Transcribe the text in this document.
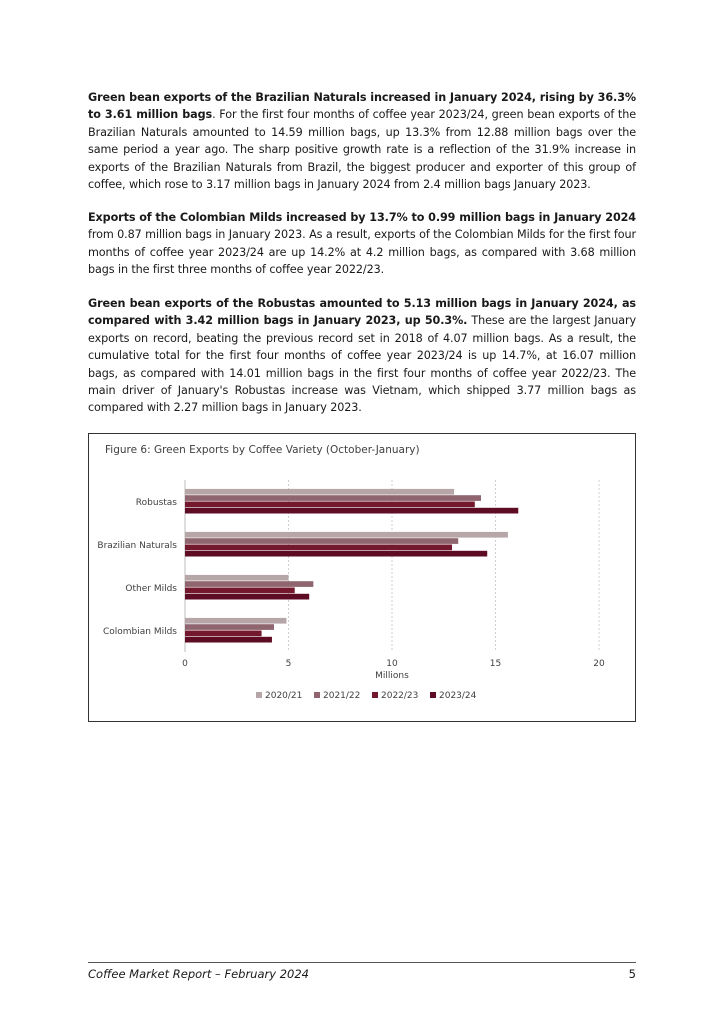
Green bean exports of the Brazilian Naturals increased in January 2024, rising by 36.3% to 3.61 million bags. For the first four months of coffee year 2023/24, green bean exports of the Brazilian Naturals amounted to 14.59 million bags, up 13.3% from 12.88 million bags over the same period a year ago. The sharp positive growth rate is a reflection of the 31.9% increase in exports of the Brazilian Naturals from Brazil, the biggest producer and exporter of this group of coffee, which rose to 3.17 million bags in January 2024 from 2.4 million bags January 2023.

Exports of the Colombian Milds increased by 13.7% to 0.99 million bags in January 2024 from 0.87 million bags in January 2023. As a result, exports of the Colombian Milds for the first four months of coffee year 2023/24 are up 14.2% at 4.2 million bags, as compared with 3.68 million bags in the first three months of coffee year 2022/23.

Green bean exports of the Robustas amounted to 5.13 million bags in January 2024, as compared with 3.42 million bags in January 2023, up 50.3%. These are the largest January exports on record, beating the previous record set in 2018 of 4.07 million bags. As a result, the cumulative total for the first four months of coffee year 2023/24 is up 14.7%, at 16.07 million bags, as compared with 14.01 million bags in the first four months of coffee year 2022/23. The main driver of January's Robustas increase was Vietnam, which shipped 3.77 million bags as compared with 2.27 million bags in January 2023.

Figure 6: Green Exports by Coffee Variety (October-January)
Robustas
Brazilian Naturals
Other Milds
Colombian Milds
0	5	10	15	20
Millions
2020/21 2021/22 2022/23 2023/24
Coffee Market Report – February 2024	5
